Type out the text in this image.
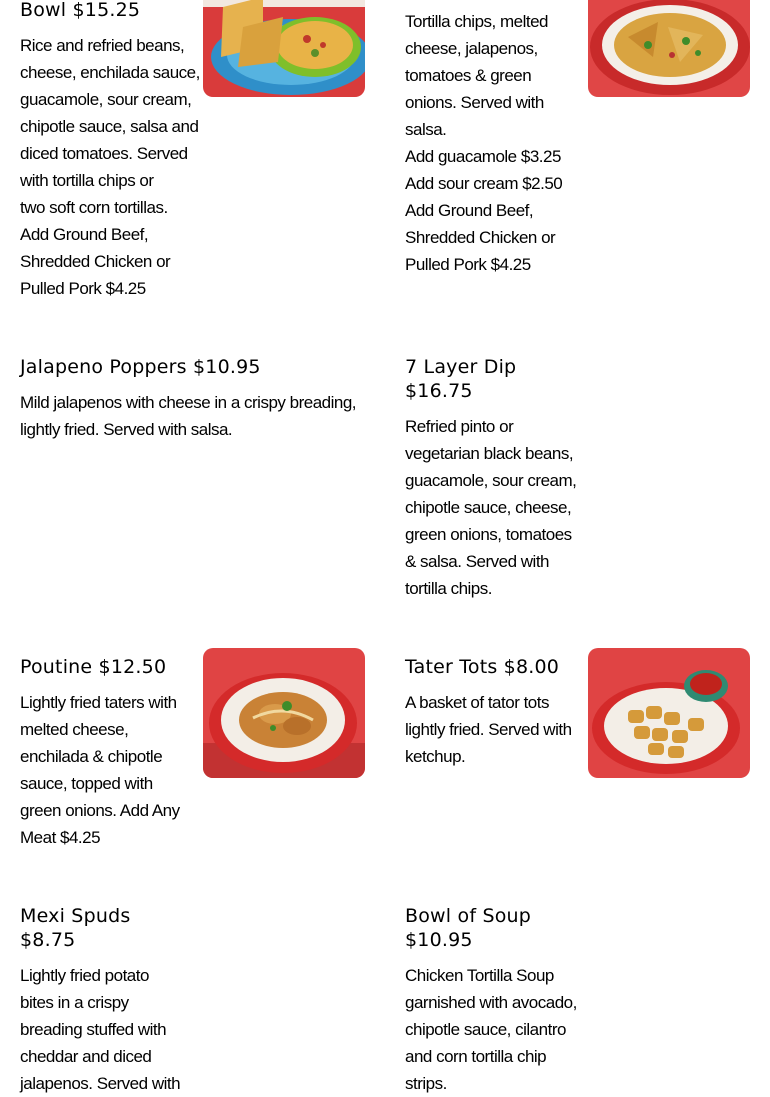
Bowl $15.25
Rice and refried beans,
cheese, enchilada sauce,
guacamole, sour cream,
chipotle sauce, salsa and
diced tomatoes. Served
with tortilla chips or
two soft corn tortillas.
Add Ground Beef,
Shredded Chicken or
Pulled Pork $4.25
Tortilla chips, melted
cheese, jalapenos,
tomatoes & green
onions. Served with
salsa.
Add guacamole $3.25
Add sour cream $2.50
Add Ground Beef,
Shredded Chicken or
Pulled Pork $4.25
Jalapeno Poppers $10.95
Mild jalapenos with cheese in a crispy breading,
lightly fried. Served with salsa.
7 Layer Dip
$16.75
Refried pinto or
vegetarian black beans,
guacamole, sour cream,
chipotle sauce, cheese,
green onions, tomatoes
& salsa. Served with
tortilla chips.
Poutine $12.50
Lightly fried taters with
melted cheese,
enchilada & chipotle
sauce, topped with
green onions. Add Any
Meat $4.25
Tater Tots $8.00
A basket of tator tots
lightly fried. Served with
ketchup.
Mexi Spuds
$8.75
Lightly fried potato
bites in a crispy
breading stuffed with
cheddar and diced
jalapenos. Served with
Bowl of Soup
$10.95
Chicken Tortilla Soup
garnished with avocado,
chipotle sauce, cilantro
and corn tortilla chip
strips.
